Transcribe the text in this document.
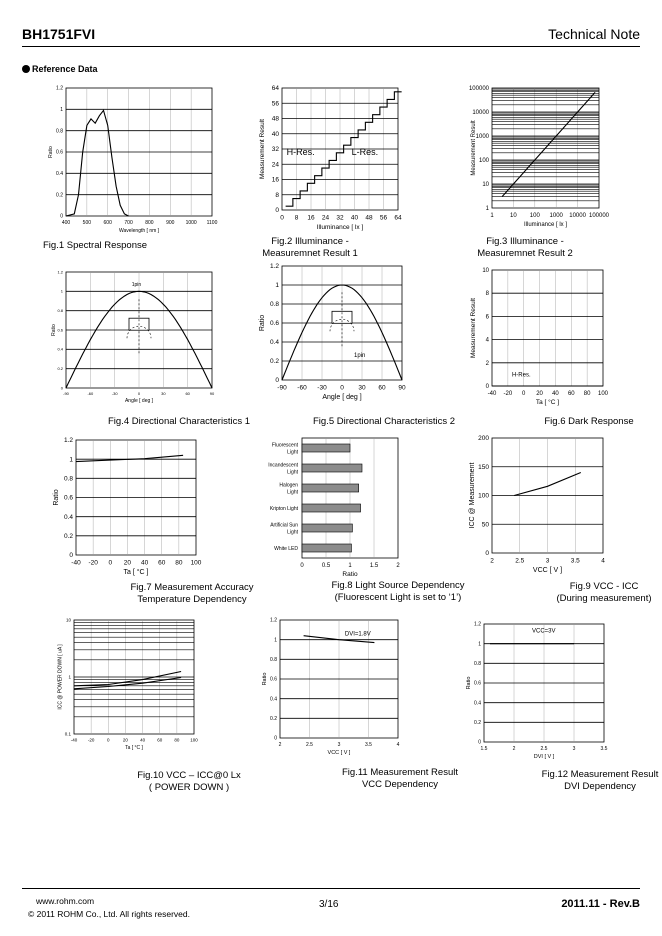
BH1751FVI	Technical Note
Reference Data
400	500	600	700	800	900 1000 1100
0
0.2
0.4
0.6
0.8
1
1.2
Wavelength [ nm ]
Ratio
Fig.1 Spectral Response
0 8 16 24 32 40 48 56 64
0
8
16
24
32
40
48
56
64
Illuminance [ lx ]
Measurement Result H-Res.	L-Res.
Fig.2 Illuminance -
Measuremnet Result 1
1	10 100 1000 10000 100000
1
10
100
1000
10000
100000
Illuminance [ lx ]
Measurement Result
Fig.3 Illuminance -
Measuremnet Result 2
-90	-60	-30	0	30	60	90
0
0.2
0.4
0.6
0.8
1
1.2
Angle [ deg ]
Ratio
1pin
Fig.4 Directional Characteristics 1
-90 -60 -30 0 30 60 90
0
0.2
0.4
0.6
0.8
1
1.2
Angle [ deg ]
Ratio
1pin
Fig.5 Directional Characteristics 2
-40 -20 0 20 40 60 80 100
0
2
4
6
8
10
Ta [ °C ]
Measurement Result
H-Res.
Fig.6 Dark Response
-40 -20 0 20 40 60 80 100
0
0.2
0.4
0.6
0.8
1
1.2
Ta [ °C ]
Ratio
Fig.7 Measurement Accuracy
Temperature Dependency
0	0.5	1	1.5	2
Ratio
Fluorescent
Light
Incandescent
Light
Halogen
Light
Kripton Light
Artificial Sun
Light
White LED
Fig.8 Light Source Dependency
(Fluorescent Light is set to ‘1’)
2	2.5	3	3.5	4
0
50
100
150
200
VCC [ V ]
ICC @ Measurement
Fig.9 VCC - ICC
(During measurement)
-40 -20	0	20	40	60	80 100
0.1
1
10
Ta [ °C ]
ICC @ POWER DOWN [ uA ]
Fig.10 VCC – ICC@0 Lx
( POWER DOWN )
2	2.5	3	3.5	4
0
0.2
0.4
0.6
0.8
1
1.2
VCC [ V ]
Ratio
DVI=1.8V
Fig.11 Measurement Result
VCC Dependency
1.5	2	2.5	3	3.5
0
0.2
0.4
0.6
0.8
1
1.2
DVI [ V ]
Ratio
VCC=3V
Fig.12 Measurement Result
DVI Dependency
www.rohm.com
© 2011 ROHM Co., Ltd. All rights reserved.
3/16	2011.11 - Rev.B
